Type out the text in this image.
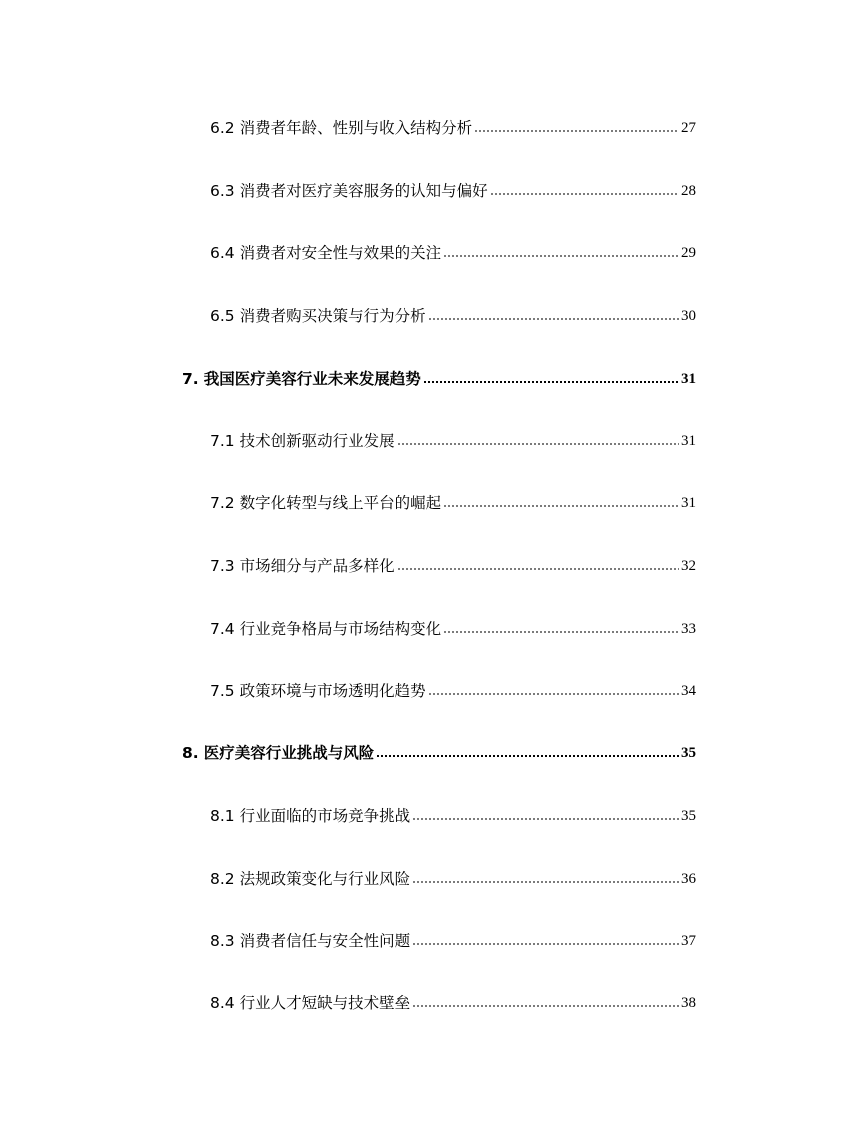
6.2 消费者年龄、性别与收入结构分析	27
6.3 消费者对医疗美容服务的认知与偏好	28
6.4 消费者对安全性与效果的关注	29
6.5 消费者购买决策与行为分析	30
7. 我国医疗美容行业未来发展趋势	31
7.1 技术创新驱动行业发展	31
7.2 数字化转型与线上平台的崛起	31
7.3 市场细分与产品多样化	32
7.4 行业竞争格局与市场结构变化	33
7.5 政策环境与市场透明化趋势	34
8. 医疗美容行业挑战与风险	35
8.1 行业面临的市场竞争挑战	35
8.2 法规政策变化与行业风险	36
8.3 消费者信任与安全性问题	37
8.4 行业人才短缺与技术壁垒	38
